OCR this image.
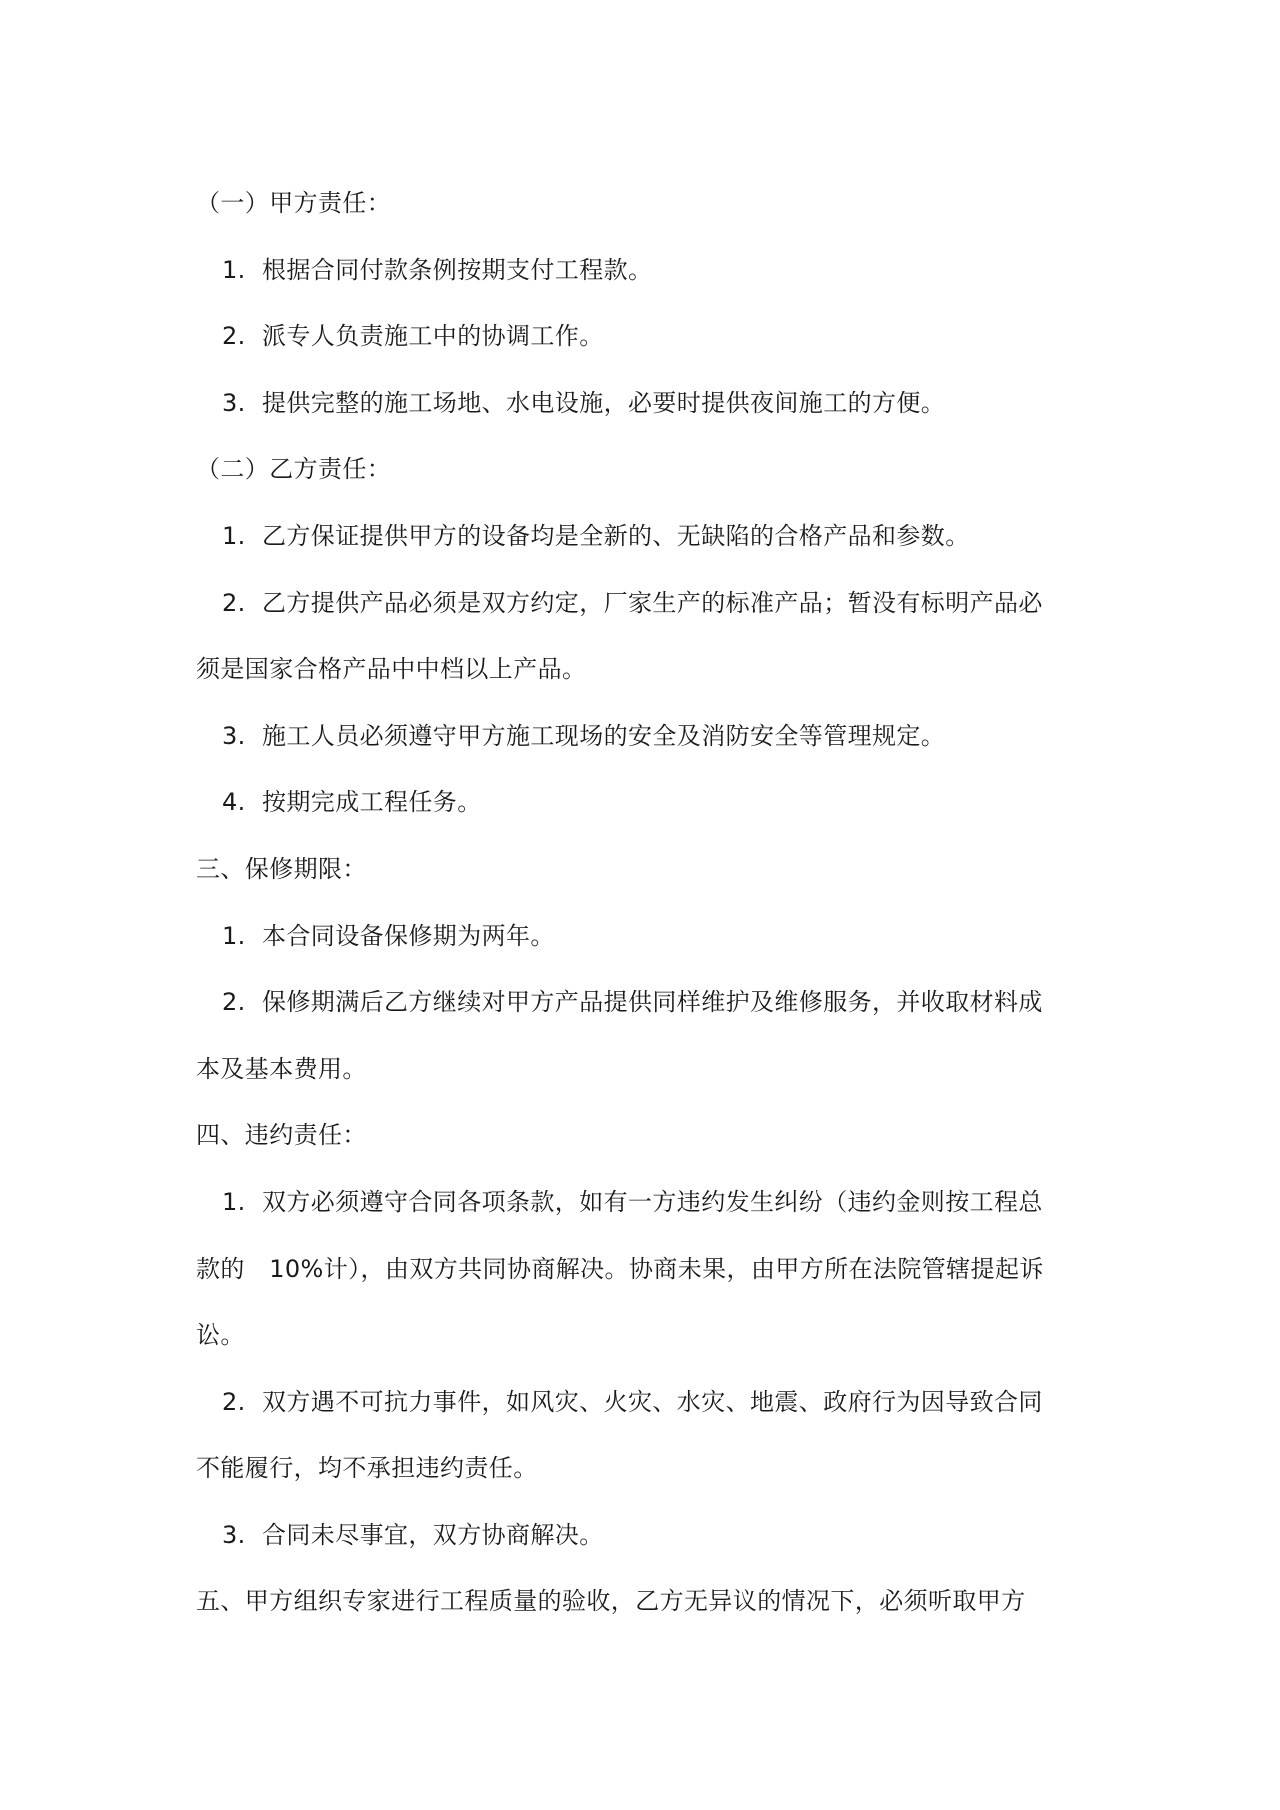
（一）甲方责任：
1. 根据合同付款条例按期支付工程款。
2. 派专人负责施工中的协调工作。
3. 提供完整的施工场地、水电设施，必要时提供夜间施工的方便。
（二）乙方责任：
1. 乙方保证提供甲方的设备均是全新的、无缺陷的合格产品和参数。
2. 乙方提供产品必须是双方约定，厂家生产的标准产品；暂没有标明产品必
须是国家合格产品中中档以上产品。
3. 施工人员必须遵守甲方施工现场的安全及消防安全等管理规定。
4. 按期完成工程任务。
三、保修期限：
1. 本合同设备保修期为两年。
2. 保修期满后乙方继续对甲方产品提供同样维护及维修服务，并收取材料成
本及基本费用。
四、违约责任：
1. 双方必须遵守合同各项条款，如有一方违约发生纠纷（违约金则按工程总
款的　10%计），由双方共同协商解决。协商未果，由甲方所在法院管辖提起诉
讼。
2. 双方遇不可抗力事件，如风灾、火灾、水灾、地震、政府行为因导致合同
不能履行，均不承担违约责任。
3. 合同未尽事宜，双方协商解决。
五、甲方组织专家进行工程质量的验收，乙方无异议的情况下，必须听取甲方
